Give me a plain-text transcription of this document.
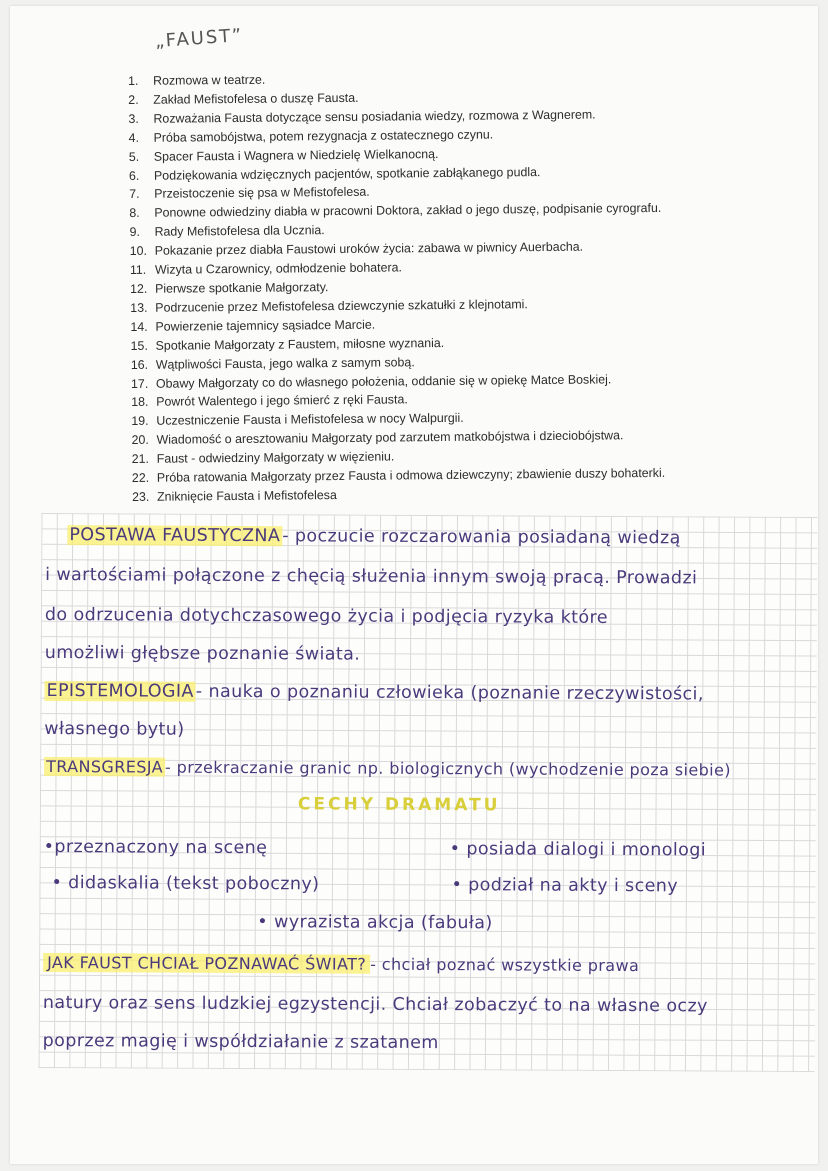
„FAUST”
1. Rozmowa w teatrze.
2. Zakład Mefistofelesa o duszę Fausta.
3. Rozważania Fausta dotyczące sensu posiadania wiedzy, rozmowa z Wagnerem.
4. Próba samobójstwa, potem rezygnacja z ostatecznego czynu.
5. Spacer Fausta i Wagnera w Niedzielę Wielkanocną.
6. Podziękowania wdzięcznych pacjentów, spotkanie zabłąkanego pudla.
7. Przeistoczenie się psa w Mefistofelesa.
8. Ponowne odwiedziny diabła w pracowni Doktora, zakład o jego duszę, podpisanie cyrografu.
9. Rady Mefistofelesa dla Ucznia.
10. Pokazanie przez diabła Faustowi uroków życia: zabawa w piwnicy Auerbacha.
11. Wizyta u Czarownicy, odmłodzenie bohatera.
12. Pierwsze spotkanie Małgorzaty.
13. Podrzucenie przez Mefistofelesa dziewczynie szkatułki z klejnotami.
14. Powierzenie tajemnicy sąsiadce Marcie.
15. Spotkanie Małgorzaty z Faustem, miłosne wyznania.
16. Wątpliwości Fausta, jego walka z samym sobą.
17. Obawy Małgorzaty co do własnego położenia, oddanie się w opiekę Matce Boskiej.
18. Powrót Walentego i jego śmierć z ręki Fausta.
19. Uczestniczenie Fausta i Mefistofelesa w nocy Walpurgii.
20. Wiadomość o aresztowaniu Małgorzaty pod zarzutem matkobójstwa i dzieciobójstwa.
21. Faust - odwiedziny Małgorzaty w więzieniu.
22. Próba ratowania Małgorzaty przez Fausta i odmowa dziewczyny; zbawienie duszy bohaterki.
23. Zniknięcie Fausta i Mefistofelesa
POSTAWA FAUSTYCZNA - poczucie rozczarowania posiadaną wiedzą
i wartościami połączone z chęcią służenia innym swoją pracą. Prowadzi
do odrzucenia dotychczasowego życia i podjęcia ryzyka które
umożliwi głębsze poznanie świata.
EPISTEMOLOGIA - nauka o poznaniu człowieka (poznanie rzeczywistości,
własnego bytu)
TRANSGRESJA - przekraczanie granic np. biologicznych (wychodzenie poza siebie)
CECHY DRAMATU
•przeznaczony na scenę	• posiada dialogi i monologi
• didaskalia (tekst poboczny)	• podział na akty i sceny
• wyrazista akcja (fabuła)
JAK FAUST CHCIAŁ POZNAWAĆ ŚWIAT? - chciał poznać wszystkie prawa
natury oraz sens ludzkiej egzystencji. Chciał zobaczyć to na własne oczy
poprzez magię i współdziałanie z szatanem
